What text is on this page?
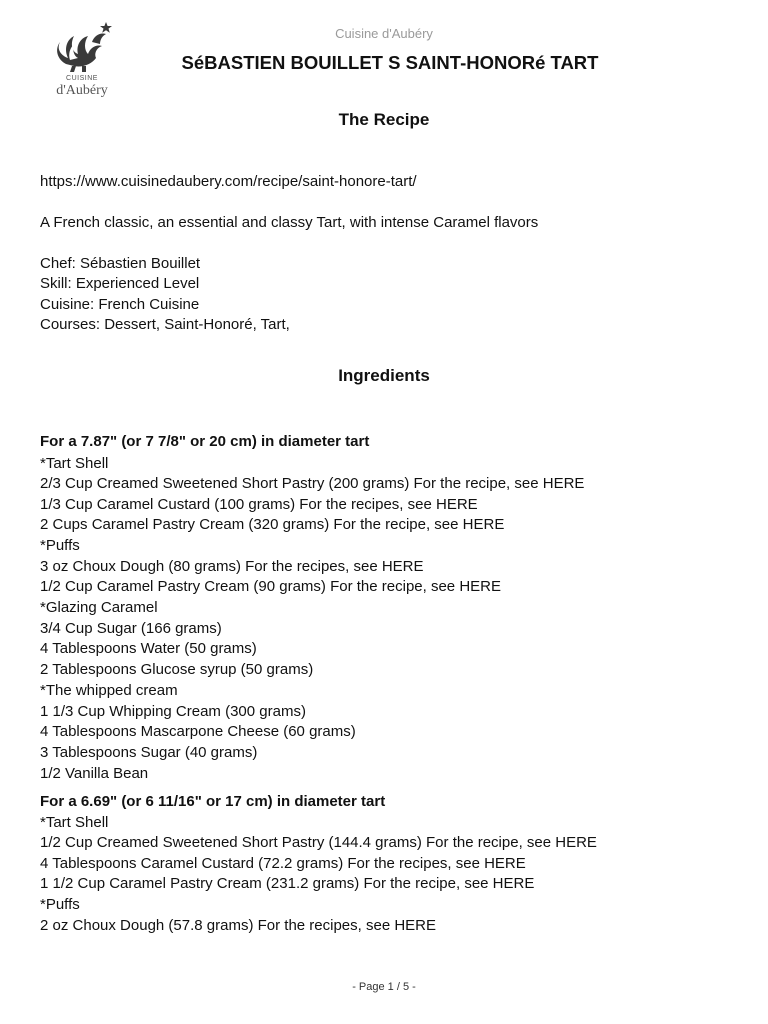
Cuisine d'Aubéry
CUISINE
d'Aubéry
SéBASTIEN BOUILLET S SAINT-HONORé TART
The Recipe
https://www.cuisinedaubery.com/recipe/saint-honore-tart/
A French classic, an essential and classy Tart, with intense Caramel flavors
Chef: Sébastien Bouillet
Skill: Experienced Level
Cuisine: French Cuisine
Courses: Dessert, Saint-Honoré, Tart,
Ingredients
For a 7.87" (or 7 7/8" or 20 cm) in diameter tart
*Tart Shell
2/3 Cup Creamed Sweetened Short Pastry (200 grams) For the recipe, see HERE
1/3 Cup Caramel Custard (100 grams) For the recipes, see HERE
2 Cups Caramel Pastry Cream (320 grams) For the recipe, see HERE
*Puffs
3 oz Choux Dough (80 grams) For the recipes, see HERE
1/2 Cup Caramel Pastry Cream (90 grams) For the recipe, see HERE
*Glazing Caramel
3/4 Cup Sugar (166 grams)
4 Tablespoons Water (50 grams)
2 Tablespoons Glucose syrup (50 grams)
*The whipped cream
1 1/3 Cup Whipping Cream (300 grams)
4 Tablespoons Mascarpone Cheese (60 grams)
3 Tablespoons Sugar (40 grams)
1/2 Vanilla Bean
For a 6.69" (or 6 11/16" or 17 cm) in diameter tart
*Tart Shell
1/2 Cup Creamed Sweetened Short Pastry (144.4 grams) For the recipe, see HERE
4 Tablespoons Caramel Custard (72.2 grams) For the recipes, see HERE
1 1/2 Cup Caramel Pastry Cream (231.2 grams) For the recipe, see HERE
*Puffs
2 oz Choux Dough (57.8 grams) For the recipes, see HERE
- Page 1 / 5 -
